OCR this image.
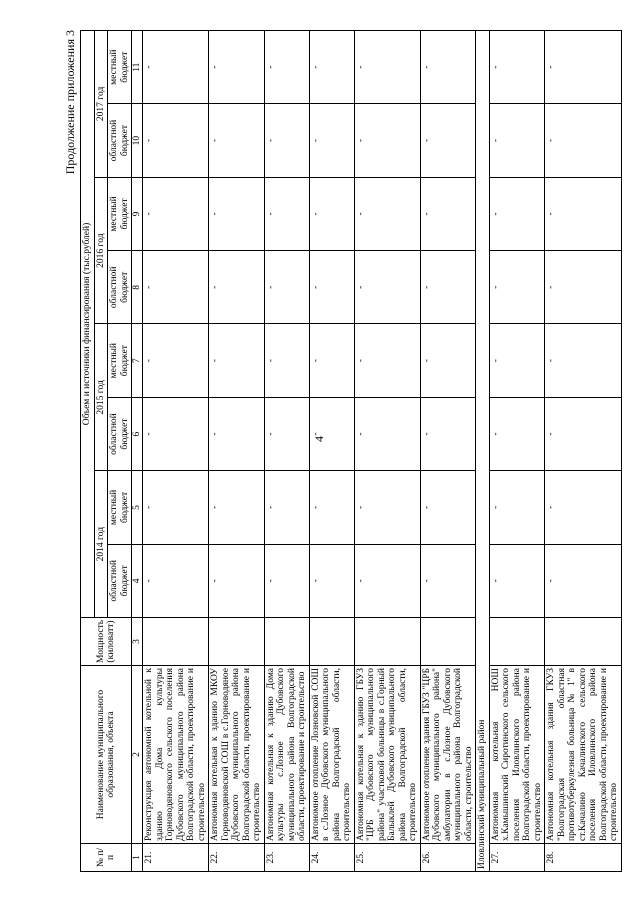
4
Продолжение приложения 3
№ п/п	Наименование муниципального образования, объекта	Мощность (киловатт)	Объем и источники финансирования (тыс.рублей)							
			2014 год		2015 год		2016 год		2017 год	
			областной бюджет	местный бюджет	областной бюджет	местный бюджет	областной бюджет	местный бюджет	областной бюджет	местный бюджет
1	2	3	4	5	6	7	8	9	10	11
21.	Реконструкция автономной котельной к зданию Дома культуры Горноводяновского сельского поселения Дубовского муниципального района Волгоградской области, проектирование и строительство		-	-	-	-	-	-	-	-
22.	Автономная котельная к зданию МКОУ Горноводяновской СОШ в с.Горноводяное Дубовского муниципального района Волгоградской области, проектирование и строительство		-	-	-	-	-	-	-	-
23.	Автономная котельная к зданию Дома культуры с.Лозное Дубовского муниципального района Волгоградской области, проектирование и строительство		-	-	-	-	-	-	-	-
24.	Автономное отопление Лозновской СОШ в с.Лозное Дубовского муниципального района Волгоградской области, строительство		-	-	-	-	-	-	-	-
25.	Автономная котельная к зданию ГБУЗ "ЦРБ Дубовского муниципального района" участковой больницы в с.Горный Балыклей Дубовского муниципального района Волгоградской области, строительство		-	-	-	-	-	-	-	-
26.	Автономное отопление здания ГБУЗ "ЦРБ Дубовского муниципального района" амбулатории в с.Лозное Дубовского муниципального района Волгоградской области, строительство		-	-	-	-	-	-	-	-
Иловлинский муниципальный район										
27.	Автономная котельная НОШ х.Камышинский Сиротинского сельского поселения Иловлинского района Волгоградской области, проектирование и строительство		-	-	-	-	-	-	-	-
28.	Автономная котельная здания ГКУЗ "Волгоградская областная противотуберкулезная больница № 1" в ст.Качалино Качалинского сельского поселения Иловлинского района Волгоградской области, проектирование и строительство		-	-	-	-	-	-	-	-
